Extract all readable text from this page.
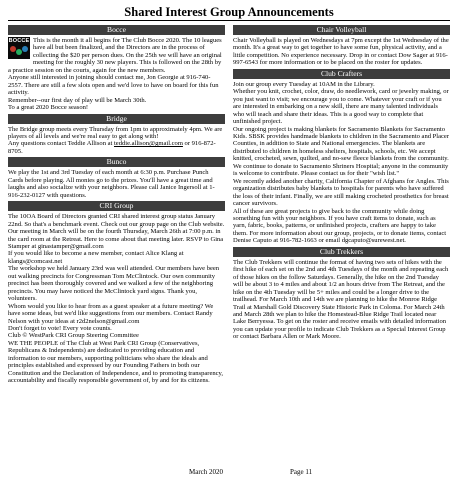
Shared Interest Group Announcements
Bocce
BOCCE This is the month it all begins for The Club Bocce 2020. The 10 leagues have all but been finalized, and the Directors are in the process of collecting the $20 per person dues. On the 25th we will have an original meeting for the roughly 30 new players. This is followed on the 28th by a practice session on the courts, again for the new members.

Anyone still interested in joining should contact me, Jon Georgie at 916-740-2557. There are still a few slots open and we'd love to have on board for this fun activity.

Remember--our first day of play will be March 30th.

To a great 2020 Bocce season!

Bridge

The Bridge group meets every Thursday from 1pm to approximately 4pm. We are players of all levels and we're real easy to get along with!

Any questions contact Teddie Allison at teddie.allison@gmail.com or 916-872-8705.

Bunco

We play the 1st and 3rd Tuesday of each month at 6:30 p.m. Purchase Punch Cards before playing. All monies go to the prizes. You'll have a great time and laughs and also socialize with your neighbors. Please call Janice Ingersoll at 1-916-232-0127 with questions.

CRI Group

The 10OA Board of Directors granted CRI shared interest group status January 22nd. So that's a benchmark event. Check out our group page on the Club website.

Our meeting in March will be on the fourth Thursday, March 26th at 7:00 p.m. in the card room at the Retreat. Here to come about that meeting later. RSVP to Gina Stamper at ginastamper@gmail.com

If you would like to become a new member, contact Alice Klang at klangs@comcast.net

The workshop we held January 23rd was well attended. Our members have been out walking precincts for Congressman Tom McClintock. Our own community precinct has been thoroughly covered and we walked a few of the neighboring precincts. You may have noticed the McClintock yard signs. Thank you, volunteers.

Whom would you like to hear from as a guest speaker at a future meeting? We have some ideas, but we'd like suggestions from our members. Contact Randy Nelson with your ideas at r2d2nelson@gmail.com

Don't forget to vote! Every vote counts.

Club © WestPark CRI Group Steering Committee

WE THE PEOPLE of The Club at West Park CRI Group (Conservatives, Republicans & Independents) are dedicated to providing education and information to our members, supporting politicians who share the ideals and principles established and expressed by our Founding Fathers in both our Constitution and the Declaration of Independence, and to promoting transparency, accountability and fiscally responsible government of, by and for its citizens.

Chair Volleyball

Chair Volleyball is played on Wednesdays at 7pm except the 1st Wednesday of the month. It's a great way to get together to have some fun, physical activity, and a little competition. No experience necessary. Drop in or contact Dow Sager at 916-997-6543 for more information or to be placed on the roster for updates.

Club Crafters

Join our group every Tuesday at 10AM in the Library.

Whether you knit, crochet, color, draw, do needlework, card or jewelry making, or you just want to visit; we encourage you to come. Whatever your craft or if you are interested in embarking on a new skill, there are many talented individuals who will teach and share their ideas. This is a good way to complete that unfinished project.

Our ongoing project is making blankets for Sacramento Blankets for Sacramento Kids. SBSK provides handmade blankets to children in the Sacramento and Placer Counties, in addition to State and National emergencies. The blankets are distributed to children in homeless shelters, hospitals, schools, etc. We accept knitted, crocheted, sewn, quilted, and no-sew fleece blankets from the community.

We continue to donate to Sacramento Shriners Hospital; anyone in the community is welcome to contribute. Please contact us for their "wish list."

We recently added another charity, California Chapter of Afghans for Angles. This organization distributes baby blankets to hospitals for parents who have suffered the loss of their infant. Finally, we are still making crocheted prosthetics for breast cancer survivors.

All of these are great projects to give back to the community while doing something fun with your neighbors. If you have craft items to donate, such as yarn, fabric, books, patterns, or unfinished projects, crafters are happy to take them. For more information about our group, projects, or to donate items, contact Denise Caputo at 916-782-1663 or email dgcaputo@surewest.net.

Club Trekkers

The Club Trekkers will continue the format of having two sets of hikes with the first hike of each set on the 2nd and 4th Tuesdays of the month and repeating each of those hikes on the follow Saturdays. Generally, the hike on the 2nd Tuesday will be about 3 to 4 miles and about 1/2 an hours drive from The Retreat, and the hike on the 4th Tuesday will be 5+ miles and could be a longer drive to the trailhead. For March 10th and 14th we are planning to hike the Monroe Ridge Trail at Marshall Gold Discovery State Historic Park in Coloma. For March 24th and March 28th we plan to hike the Homestead-Blue Ridge Trail located near Lake Berryessa. To get on the roster and receive emails with detailed information you can update your profile to indicate Club Trekkers as a Special Interest Group or contact Barbara Allen or Mark Moore.

March 2020	Page 11
